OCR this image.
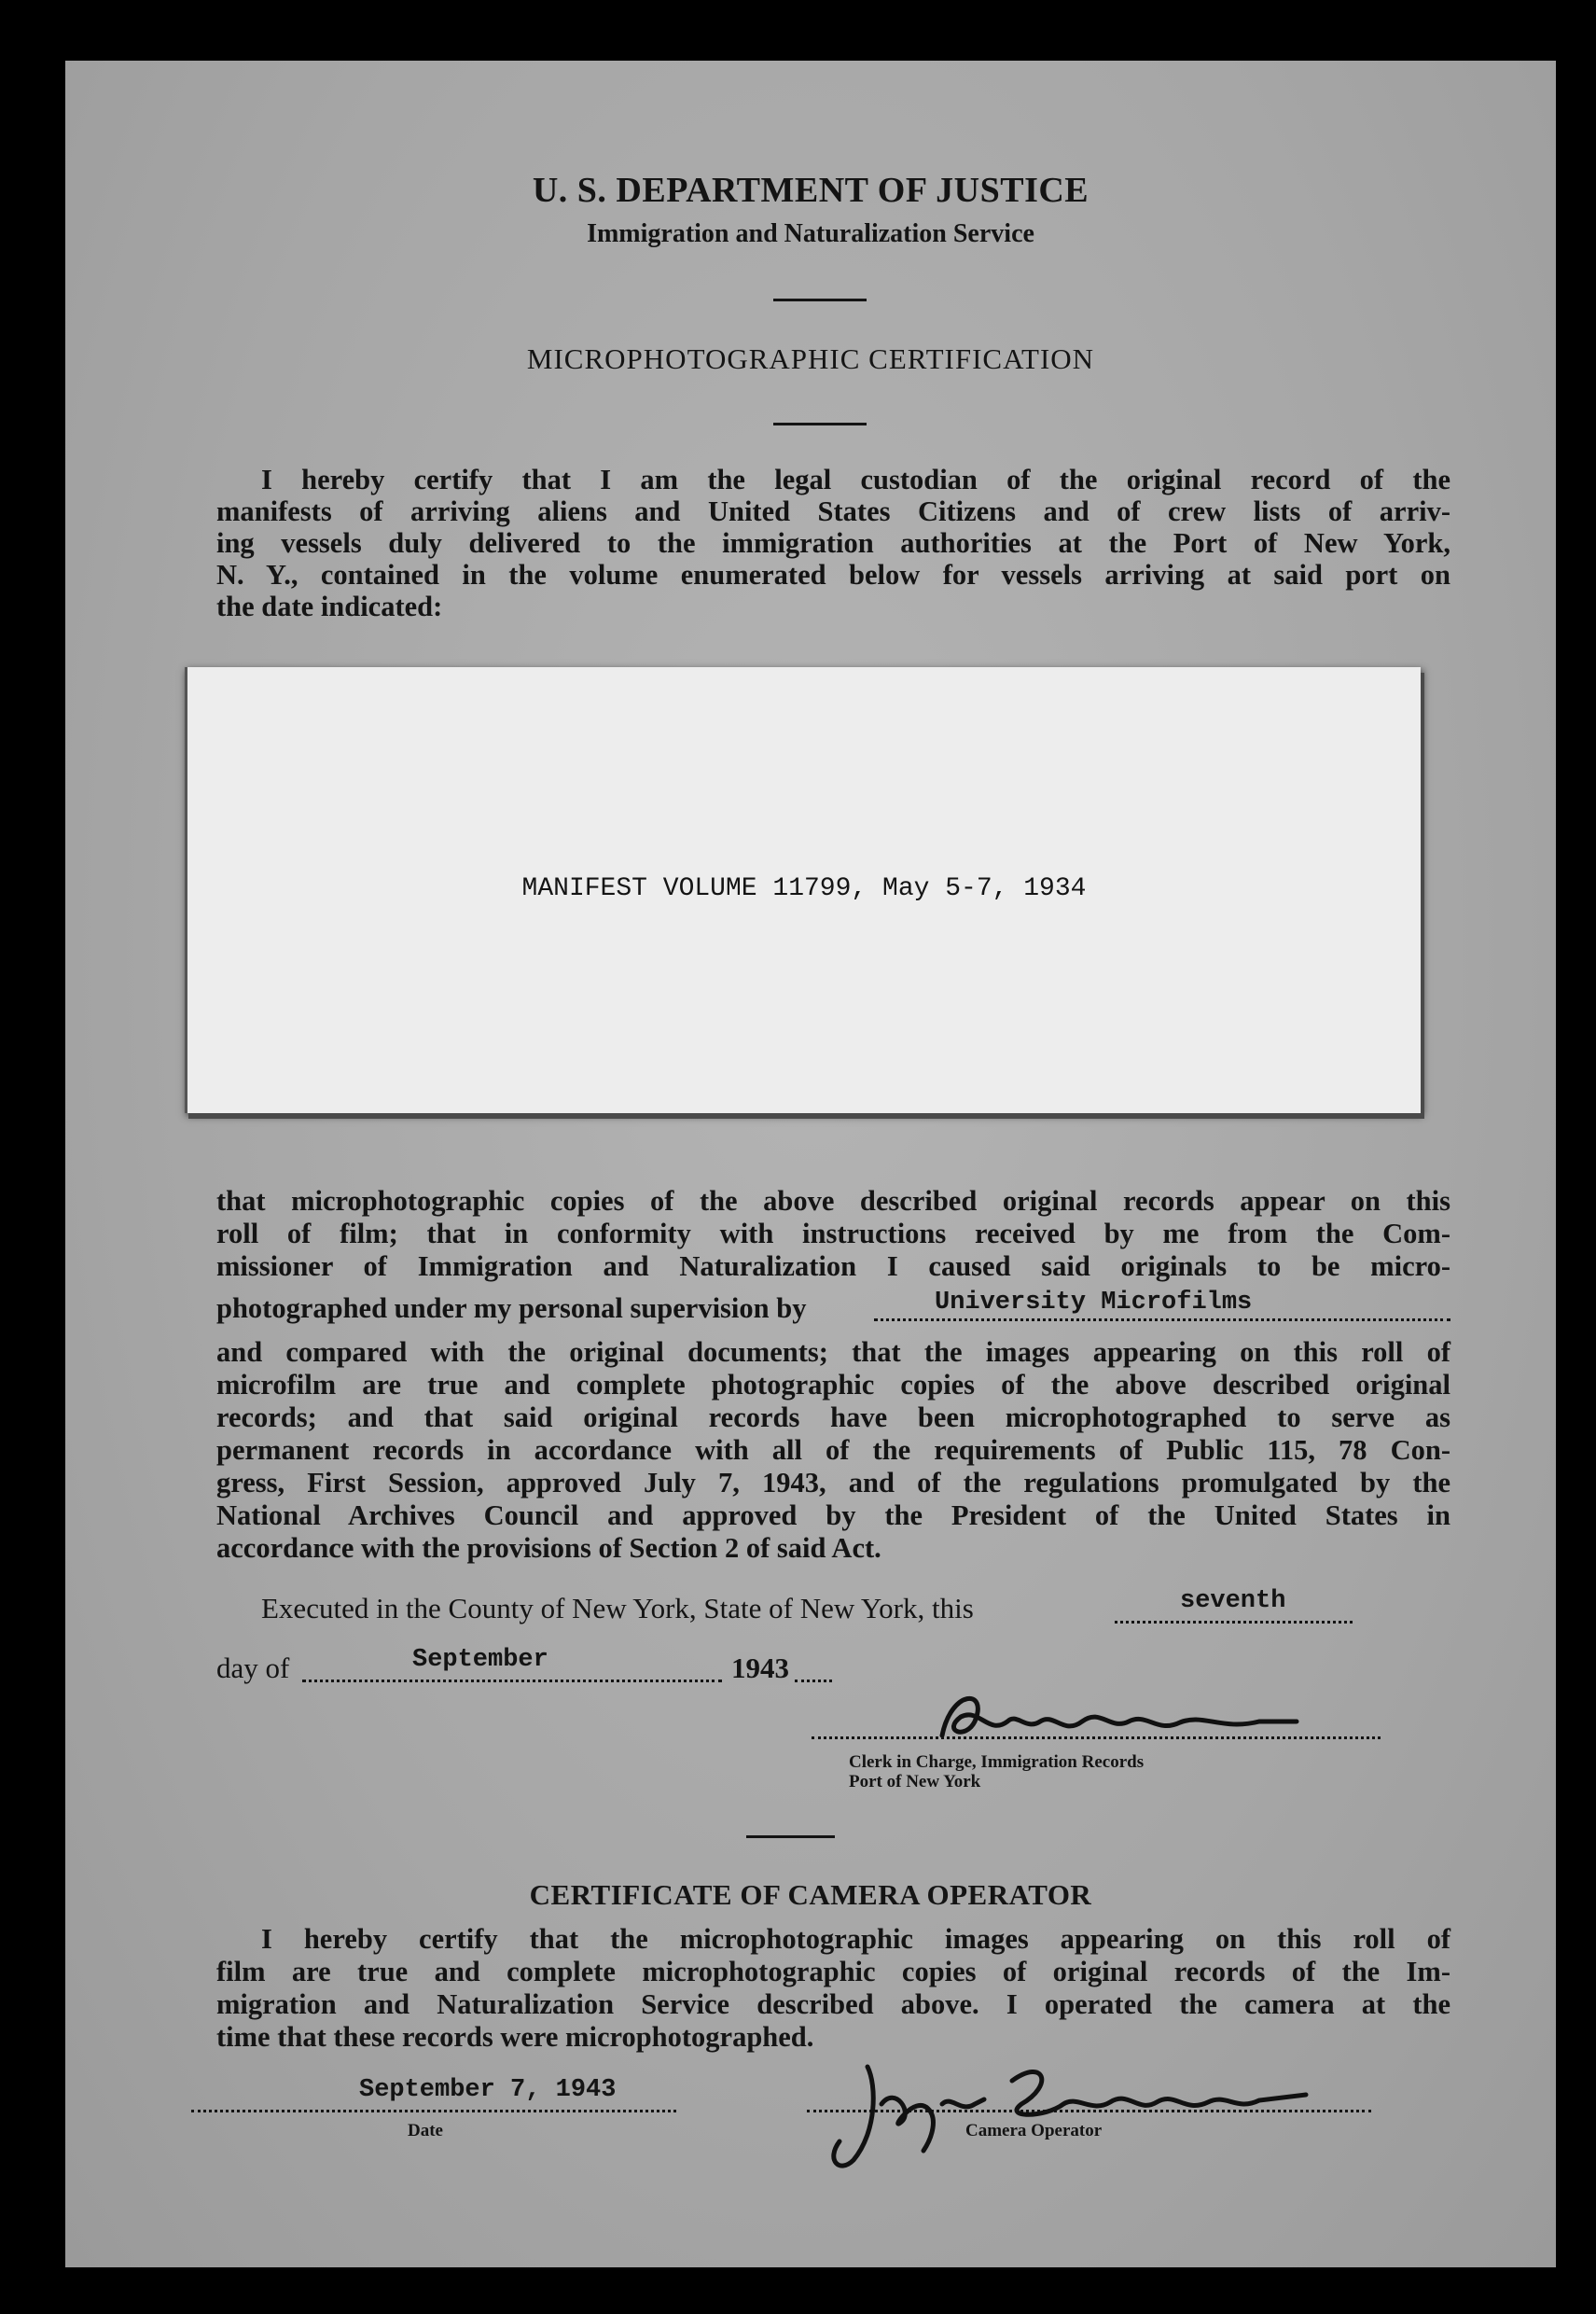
U. S. DEPARTMENT OF JUSTICE
Immigration and Naturalization Service
MICROPHOTOGRAPHIC CERTIFICATION
I hereby certify that I am the legal custodian of the original record of the
manifests of arriving aliens and United States Citizens and of crew lists of arriv-
ing vessels duly delivered to the immigration authorities at the Port of New York,
N. Y., contained in the volume enumerated below for vessels arriving at said port on
the date indicated:
MANIFEST VOLUME 11799, May 5-7, 1934
that microphotographic copies of the above described original records appear on this
roll of film; that in conformity with instructions received by me from the Com-
missioner of Immigration and Naturalization I caused said originals to be micro-
photographed under my personal supervision by	University Microfilms
and compared with the original documents; that the images appearing on this roll of
microfilm are true and complete photographic copies of the above described original
records; and that said original records have been microphotographed to serve as
permanent records in accordance with all of the requirements of Public 115, 78 Con-
gress, First Session, approved July 7, 1943, and of the regulations promulgated by the
National Archives Council and approved by the President of the United States in
accordance with the provisions of Section 2 of said Act.
Executed in the County of New York, State of New York, this	seventh
day of	September	1943
Clerk in Charge, Immigration Records
Port of New York
CERTIFICATE OF CAMERA OPERATOR
I hereby certify that the microphotographic images appearing on this roll of
film are true and complete microphotographic copies of original records of the Im-
migration and Naturalization Service described above. I operated the camera at the
time that these records were microphotographed.
September 7, 1943
Date	Camera Operator
